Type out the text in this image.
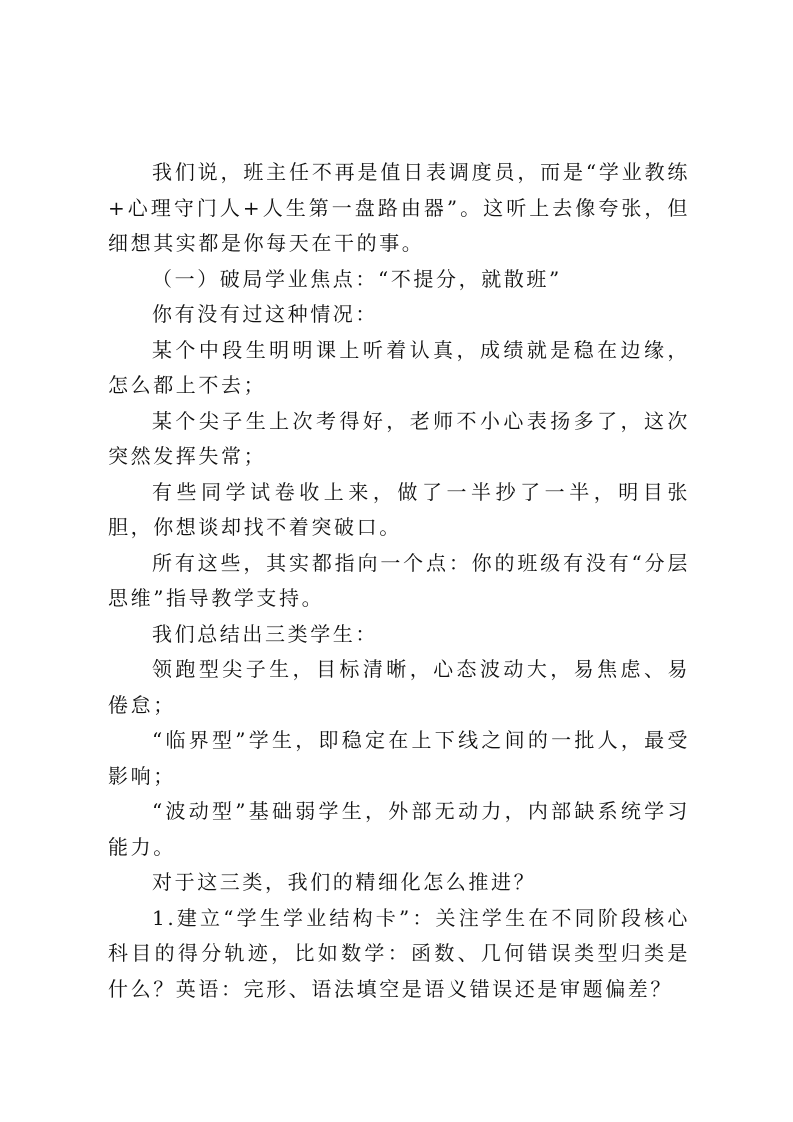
我们说，班主任不再是值日表调度员，而是“学业教练+心理守门人+人生第一盘路由器”。这听上去像夸张，但细想其实都是你每天在干的事。

（一）破局学业焦点：“不提分，就散班”

你有没有过这种情况：

某个中段生明明课上听着认真，成绩就是稳在边缘，怎么都上不去；

某个尖子生上次考得好，老师不小心表扬多了，这次突然发挥失常；

有些同学试卷收上来，做了一半抄了一半，明目张胆，你想谈却找不着突破口。

所有这些，其实都指向一个点：你的班级有没有“分层思维”指导教学支持。

我们总结出三类学生：

领跑型尖子生，目标清晰，心态波动大，易焦虑、易倦怠；

“临界型”学生，即稳定在上下线之间的一批人，最受影响；

“波动型”基础弱学生，外部无动力，内部缺系统学习能力。

对于这三类，我们的精细化怎么推进？

1.建立“学生学业结构卡”：关注学生在不同阶段核心科目的得分轨迹，比如数学：函数、几何错误类型归类是什么？英语：完形、语法填空是语义错误还是审题偏差？
